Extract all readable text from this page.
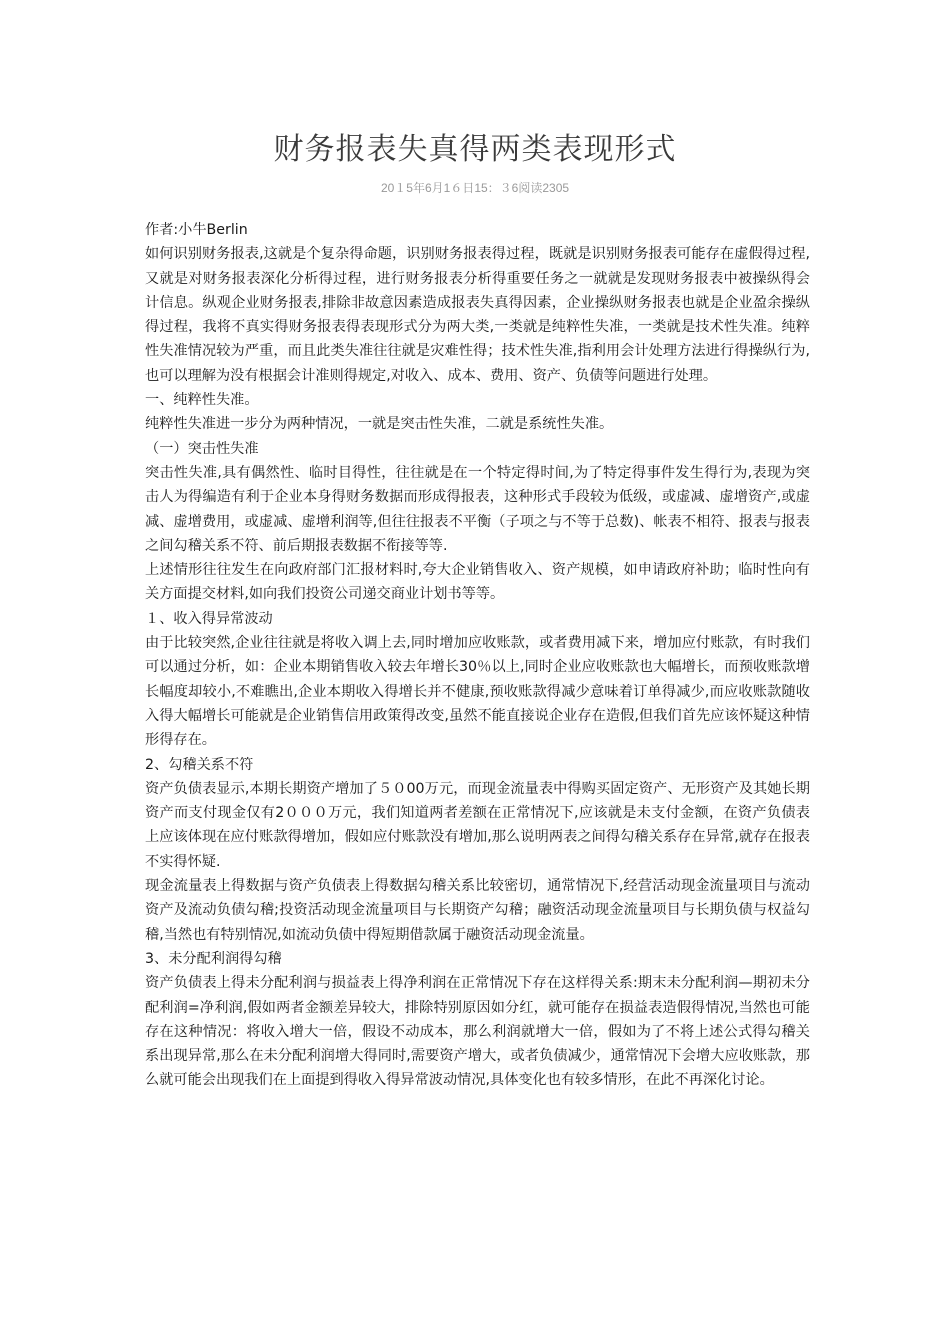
财务报表失真得两类表现形式
20１5年6月1６日15：３6阅读2305

作者:小牛Berlin

如何识别财务报表,这就是个复杂得命题，识别财务报表得过程，既就是识别财务报表可能存在虚假得过程,又就是对财务报表深化分析得过程，进行财务报表分析得重要任务之一就就是发现财务报表中被操纵得会计信息。纵观企业财务报表,排除非故意因素造成报表失真得因素，企业操纵财务报表也就是企业盈余操纵得过程，我将不真实得财务报表得表现形式分为两大类,一类就是纯粹性失准，一类就是技术性失准。纯粹性失准情况较为严重，而且此类失准往往就是灾难性得；技术性失准,指利用会计处理方法进行得操纵行为,也可以理解为没有根据会计准则得规定,对收入、成本、费用、资产、负债等问题进行处理。

一、纯粹性失准。

纯粹性失准进一步分为两种情况，一就是突击性失准，二就是系统性失准。

（一）突击性失准

突击性失准,具有偶然性、临时目得性，往往就是在一个特定得时间,为了特定得事件发生得行为,表现为突击人为得编造有利于企业本身得财务数据而形成得报表，这种形式手段较为低级，或虚减、虚增资产,或虚减、虚增费用，或虚减、虚增利润等,但往往报表不平衡（子项之与不等于总数)、帐表不相符、报表与报表之间勾稽关系不符、前后期报表数据不衔接等等.

上述情形往往发生在向政府部门汇报材料时,夸大企业销售收入、资产规模，如申请政府补助；临时性向有关方面提交材料,如向我们投资公司递交商业计划书等等。

１、收入得异常波动

由于比较突然,企业往往就是将收入调上去,同时增加应收账款，或者费用减下来，增加应付账款，有时我们可以通过分析，如：企业本期销售收入较去年增长30％以上,同时企业应收账款也大幅增长，而预收账款增长幅度却较小,不难瞧出,企业本期收入得增长并不健康,预收账款得减少意味着订单得减少,而应收账款随收入得大幅增长可能就是企业销售信用政策得改变,虽然不能直接说企业存在造假,但我们首先应该怀疑这种情形得存在。

2、勾稽关系不符

资产负债表显示,本期长期资产增加了５０00万元，而现金流量表中得购买固定资产、无形资产及其她长期资产而支付现金仅有2０００万元，我们知道两者差额在正常情况下,应该就是未支付金额，在资产负债表上应该体现在应付账款得增加，假如应付账款没有增加,那么说明两表之间得勾稽关系存在异常,就存在报表不实得怀疑.

现金流量表上得数据与资产负债表上得数据勾稽关系比较密切，通常情况下,经营活动现金流量项目与流动资产及流动负债勾稽;投资活动现金流量项目与长期资产勾稽；融资活动现金流量项目与长期负债与权益勾稽,当然也有特别情况,如流动负债中得短期借款属于融资活动现金流量。

3、未分配利润得勾稽

资产负债表上得未分配利润与损益表上得净利润在正常情况下存在这样得关系:期末未分配利润—期初未分配利润=净利润,假如两者金额差异较大，排除特别原因如分红，就可能存在损益表造假得情况,当然也可能存在这种情况：将收入增大一倍，假设不动成本，那么利润就增大一倍，假如为了不将上述公式得勾稽关系出现异常,那么在未分配利润增大得同时,需要资产增大，或者负债减少，通常情况下会增大应收账款，那么就可能会出现我们在上面提到得收入得异常波动情况,具体变化也有较多情形，在此不再深化讨论。
